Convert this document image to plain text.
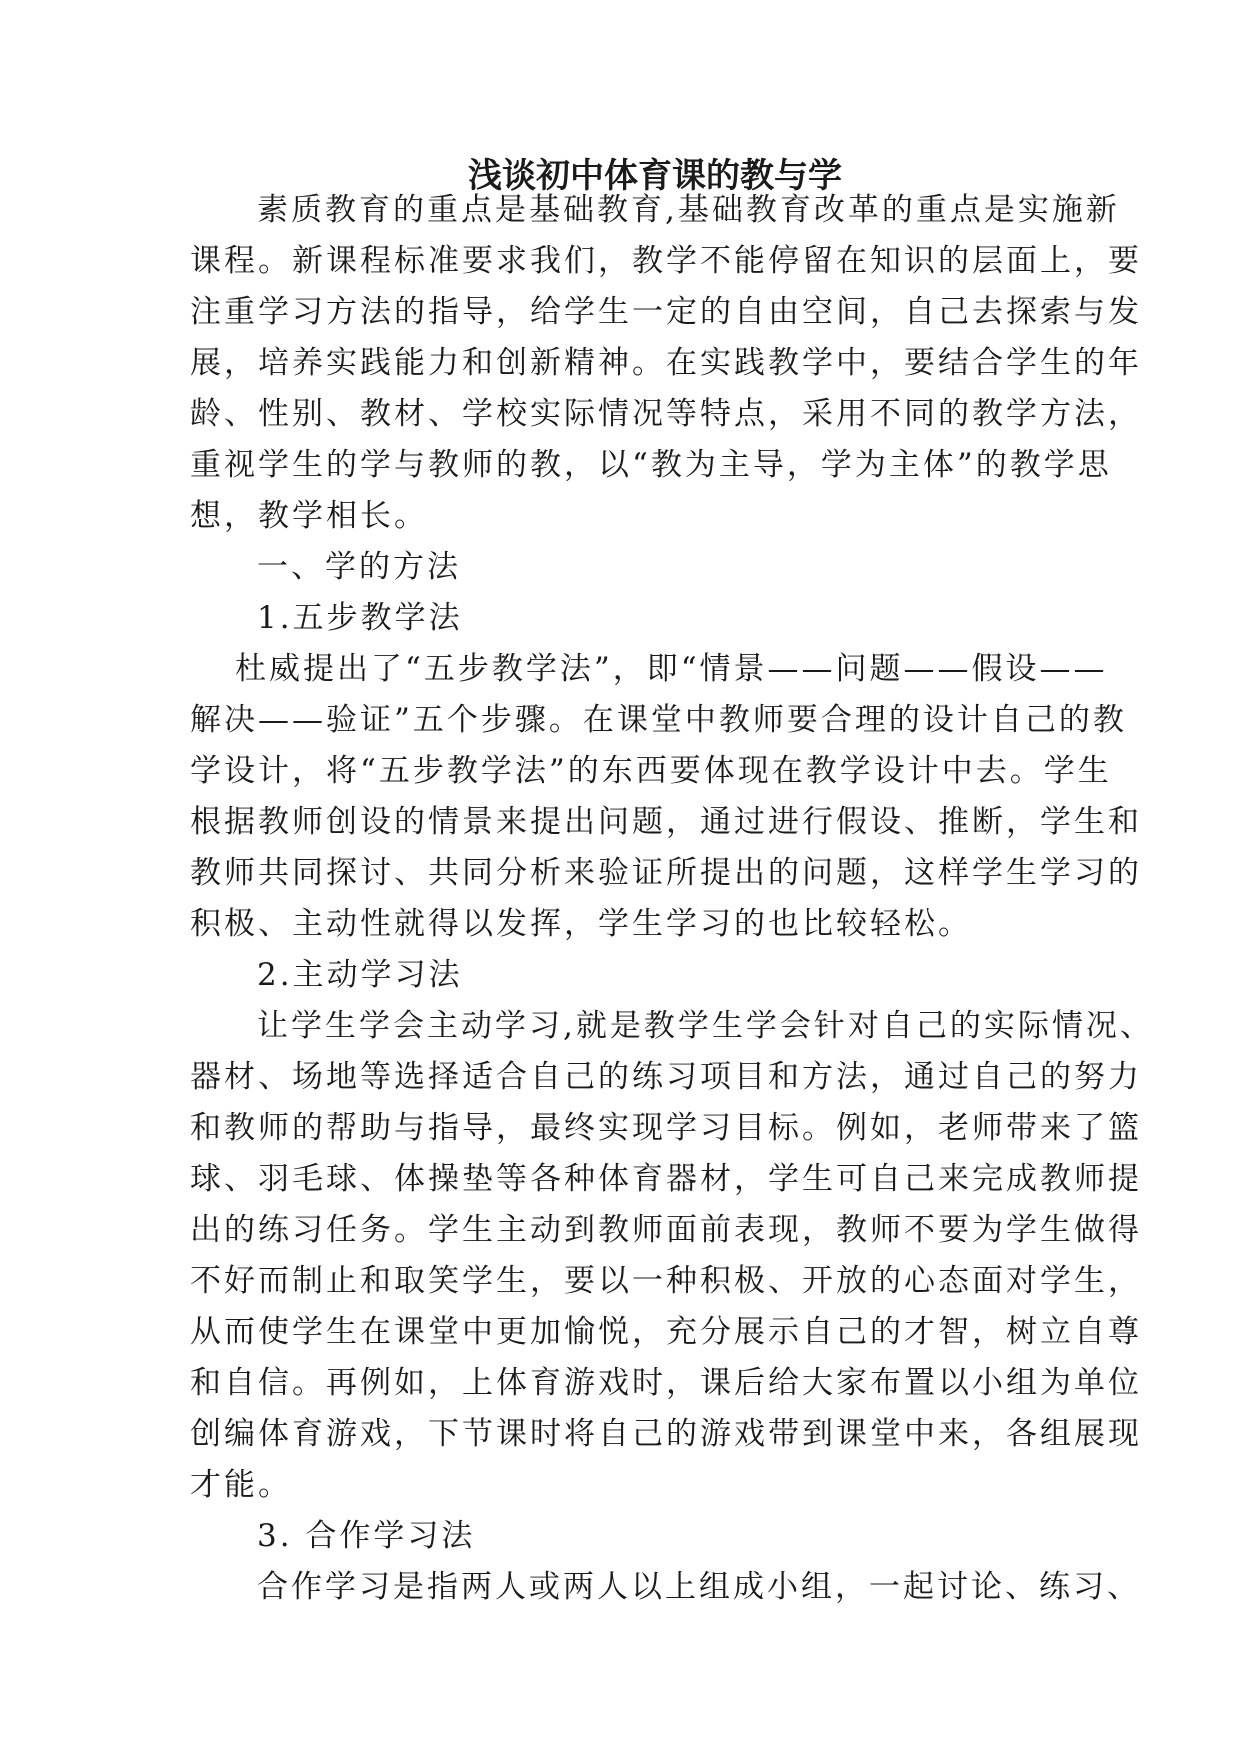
浅谈初中体育课的教与学
素质教育的重点是基础教育,基础教育改革的重点是实施新
课程。新课程标准要求我们，教学不能停留在知识的层面上，要
注重学习方法的指导，给学生一定的自由空间，自己去探索与发
展，培养实践能力和创新精神。在实践教学中，要结合学生的年
龄、性别、教材、学校实际情况等特点，采用不同的教学方法，
重视学生的学与教师的教，以“教为主导，学为主体”的教学思
想，教学相长。
一、学的方法
1.五步教学法
杜威提出了“五步教学法”，即“情景——问题——假设——
解决——验证”五个步骤。在课堂中教师要合理的设计自己的教
学设计，将“五步教学法”的东西要体现在教学设计中去。学生
根据教师创设的情景来提出问题，通过进行假设、推断，学生和
教师共同探讨、共同分析来验证所提出的问题，这样学生学习的
积极、主动性就得以发挥，学生学习的也比较轻松。
2.主动学习法
让学生学会主动学习,就是教学生学会针对自己的实际情况、
器材、场地等选择适合自己的练习项目和方法，通过自己的努力
和教师的帮助与指导，最终实现学习目标。例如，老师带来了篮
球、羽毛球、体操垫等各种体育器材，学生可自己来完成教师提
出的练习任务。学生主动到教师面前表现，教师不要为学生做得
不好而制止和取笑学生，要以一种积极、开放的心态面对学生，
从而使学生在课堂中更加愉悦，充分展示自己的才智，树立自尊
和自信。再例如，上体育游戏时，课后给大家布置以小组为单位
创编体育游戏，下节课时将自己的游戏带到课堂中来，各组展现
才能。
3. 合作学习法
合作学习是指两人或两人以上组成小组，一起讨论、练习、
